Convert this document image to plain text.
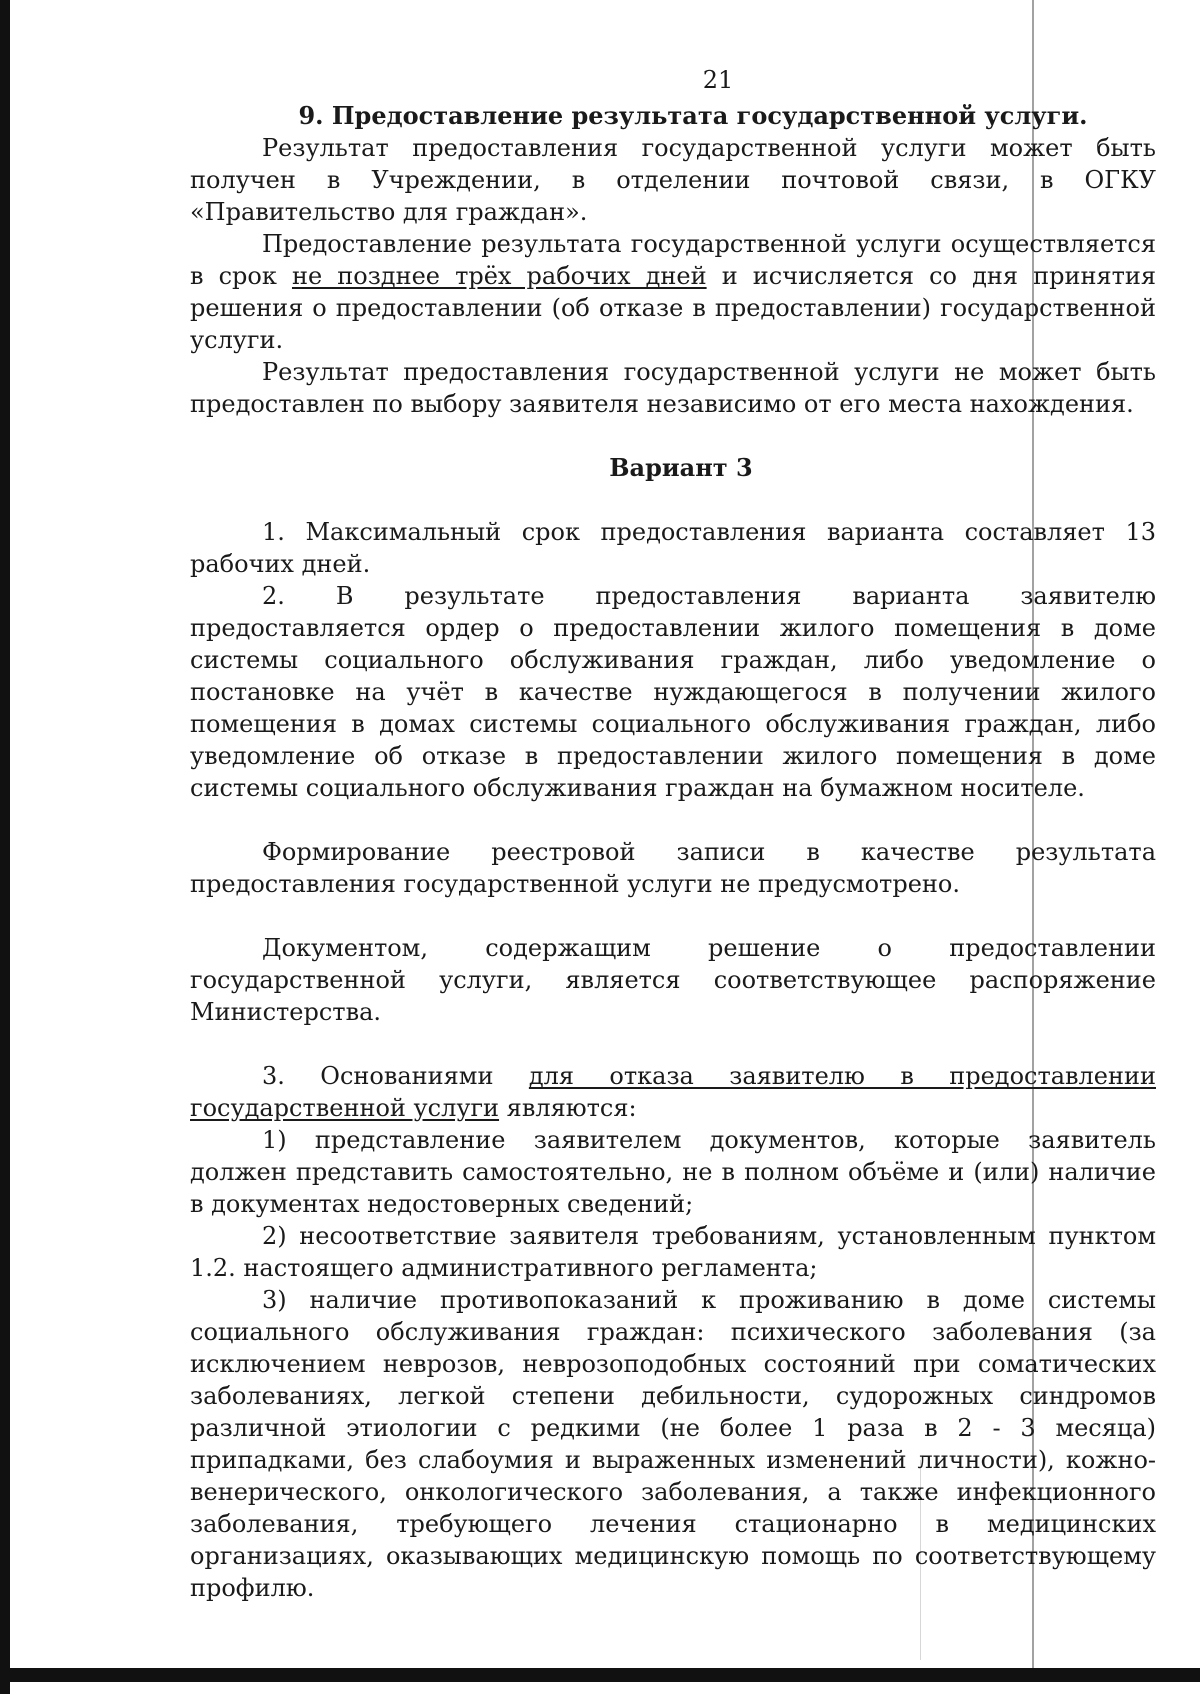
21

9. Предоставление результата государственной услуги.

Результат предоставления государственной услуги может быть получен в Учреждении, в отделении почтовой связи, в ОГКУ «Правительство для граждан».

Предоставление результата государственной услуги осуществляется в срок не позднее трёх рабочих дней и исчисляется со дня принятия решения о предоставлении (об отказе в предоставлении) государственной услуги.

Результат предоставления государственной услуги не может быть предоставлен по выбору заявителя независимо от его места нахождения.

Вариант 3

1. Максимальный срок предоставления варианта составляет 13 рабочих дней.

2. В результате предоставления варианта заявителю предоставляется ордер о предоставлении жилого помещения в доме системы социального обслуживания граждан, либо уведомление о постановке на учёт в качестве нуждающегося в получении жилого помещения в домах системы социального обслуживания граждан, либо уведомление об отказе в предоставлении жилого помещения в доме системы социального обслуживания граждан на бумажном носителе.

Формирование реестровой записи в качестве результата предоставления государственной услуги не предусмотрено.

Документом, содержащим решение о предоставлении государственной услуги, является соответствующее распоряжение Министерства.

3. Основаниями для отказа заявителю в предоставлении государственной услуги являются:

1) представление заявителем документов, которые заявитель должен представить самостоятельно, не в полном объёме и (или) наличие в документах недостоверных сведений;

2) несоответствие заявителя требованиям, установленным пунктом 1.2. настоящего административного регламента;

3) наличие противопоказаний к проживанию в доме системы социального обслуживания граждан: психического заболевания (за исключением неврозов, неврозоподобных состояний при соматических заболеваниях, легкой степени дебильности, судорожных синдромов различной этиологии с редкими (не более 1 раза в 2 - 3 месяца) припадками, без слабоумия и выраженных изменений личности), кожно-венерического, онкологического заболевания, а также инфекционного заболевания, требующего лечения стационарно в медицинских организациях, оказывающих медицинскую помощь по соответствующему профилю.
